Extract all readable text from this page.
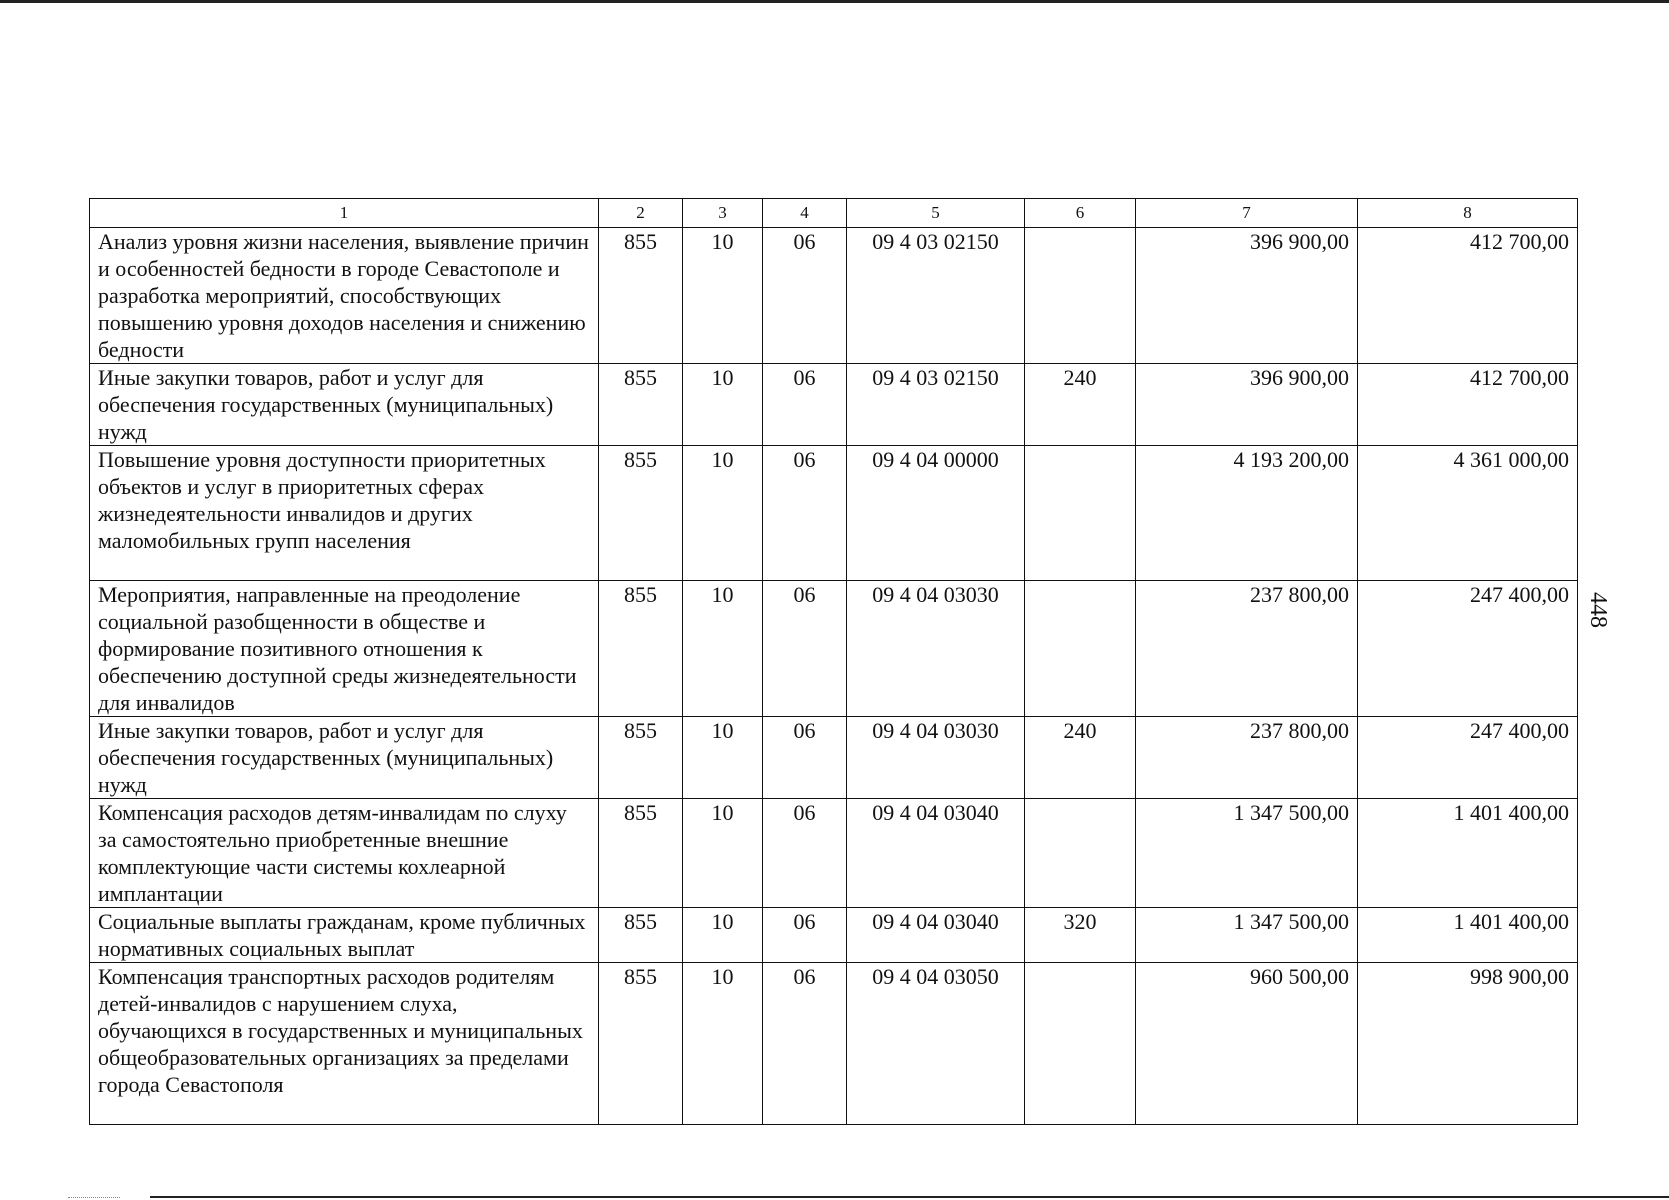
1	2	3	4	5	6	7	8
Анализ уровня жизни населения, выявление причин и особенностей бедности в городе Севастополе и разработка мероприятий, способствующих повышению уровня доходов населения и снижению бедности	855	10	06	09 4 03 02150		396 900,00	412 700,00
Иные закупки товаров, работ и услуг для обеспечения государственных (муниципальных) нужд	855	10	06	09 4 03 02150	240	396 900,00	412 700,00
Повышение уровня доступности приоритетных объектов и услуг в приоритетных сферах жизнедеятельности инвалидов и других маломобильных групп населения	855	10	06	09 4 04 00000		4 193 200,00	4 361 000,00
Мероприятия, направленные на преодоление социальной разобщенности в обществе и формирование позитивного отношения к обеспечению доступной среды жизнедеятельности для инвалидов	855	10	06	09 4 04 03030		237 800,00	247 400,00
Иные закупки товаров, работ и услуг для обеспечения государственных (муниципальных) нужд	855	10	06	09 4 04 03030	240	237 800,00	247 400,00
Компенсация расходов детям-инвалидам по слуху за самостоятельно приобретенные внешние комплектующие части системы кохлеарной имплантации	855	10	06	09 4 04 03040		1 347 500,00	1 401 400,00
Социальные выплаты гражданам, кроме публичных нормативных социальных выплат	855	10	06	09 4 04 03040	320	1 347 500,00	1 401 400,00
Компенсация транспортных расходов родителям детей-инвалидов с нарушением слуха, обучающихся в государственных и муниципальных общеобразовательных организациях за пределами города Севастополя	855	10	06	09 4 04 03050		960 500,00	998 900,00
448
